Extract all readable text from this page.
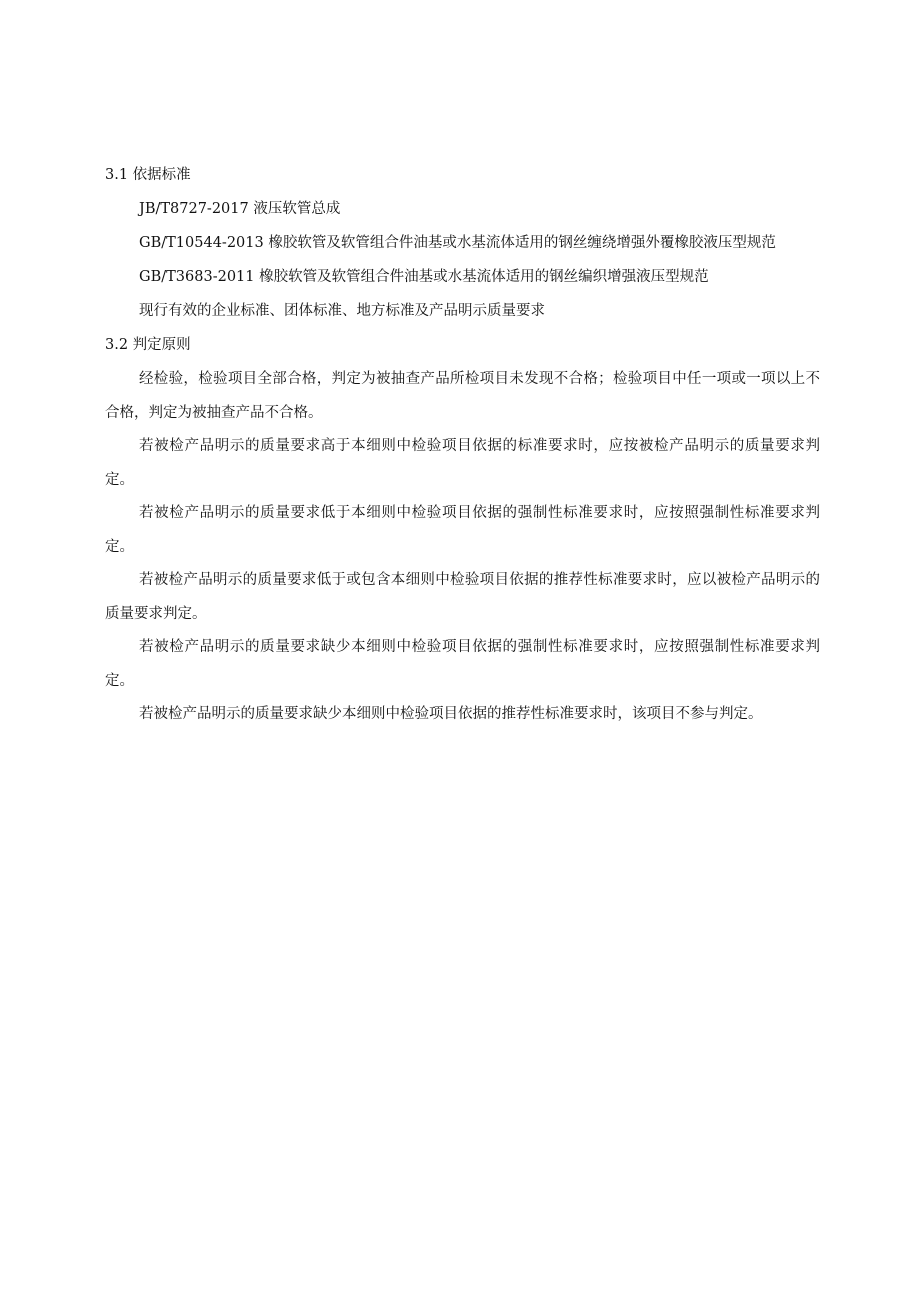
3.1 依据标准
JB/T8727-2017 液压软管总成
GB/T10544-2013 橡胶软管及软管组合件油基或水基流体适用的钢丝缠绕增强外覆橡胶液压型规范
GB/T3683-2011 橡胶软管及软管组合件油基或水基流体适用的钢丝编织增强液压型规范
现行有效的企业标准、团体标准、地方标准及产品明示质量要求
3.2 判定原则

经检验，检验项目全部合格，判定为被抽查产品所检项目未发现不合格；检验项目中任一项或一项以上不合格，判定为被抽查产品不合格。

若被检产品明示的质量要求高于本细则中检验项目依据的标准要求时，应按被检产品明示的质量要求判定。

若被检产品明示的质量要求低于本细则中检验项目依据的强制性标准要求时，应按照强制性标准要求判定。

若被检产品明示的质量要求低于或包含本细则中检验项目依据的推荐性标准要求时，应以被检产品明示的质量要求判定。

若被检产品明示的质量要求缺少本细则中检验项目依据的强制性标准要求时，应按照强制性标准要求判定。

若被检产品明示的质量要求缺少本细则中检验项目依据的推荐性标准要求时，该项目不参与判定。
